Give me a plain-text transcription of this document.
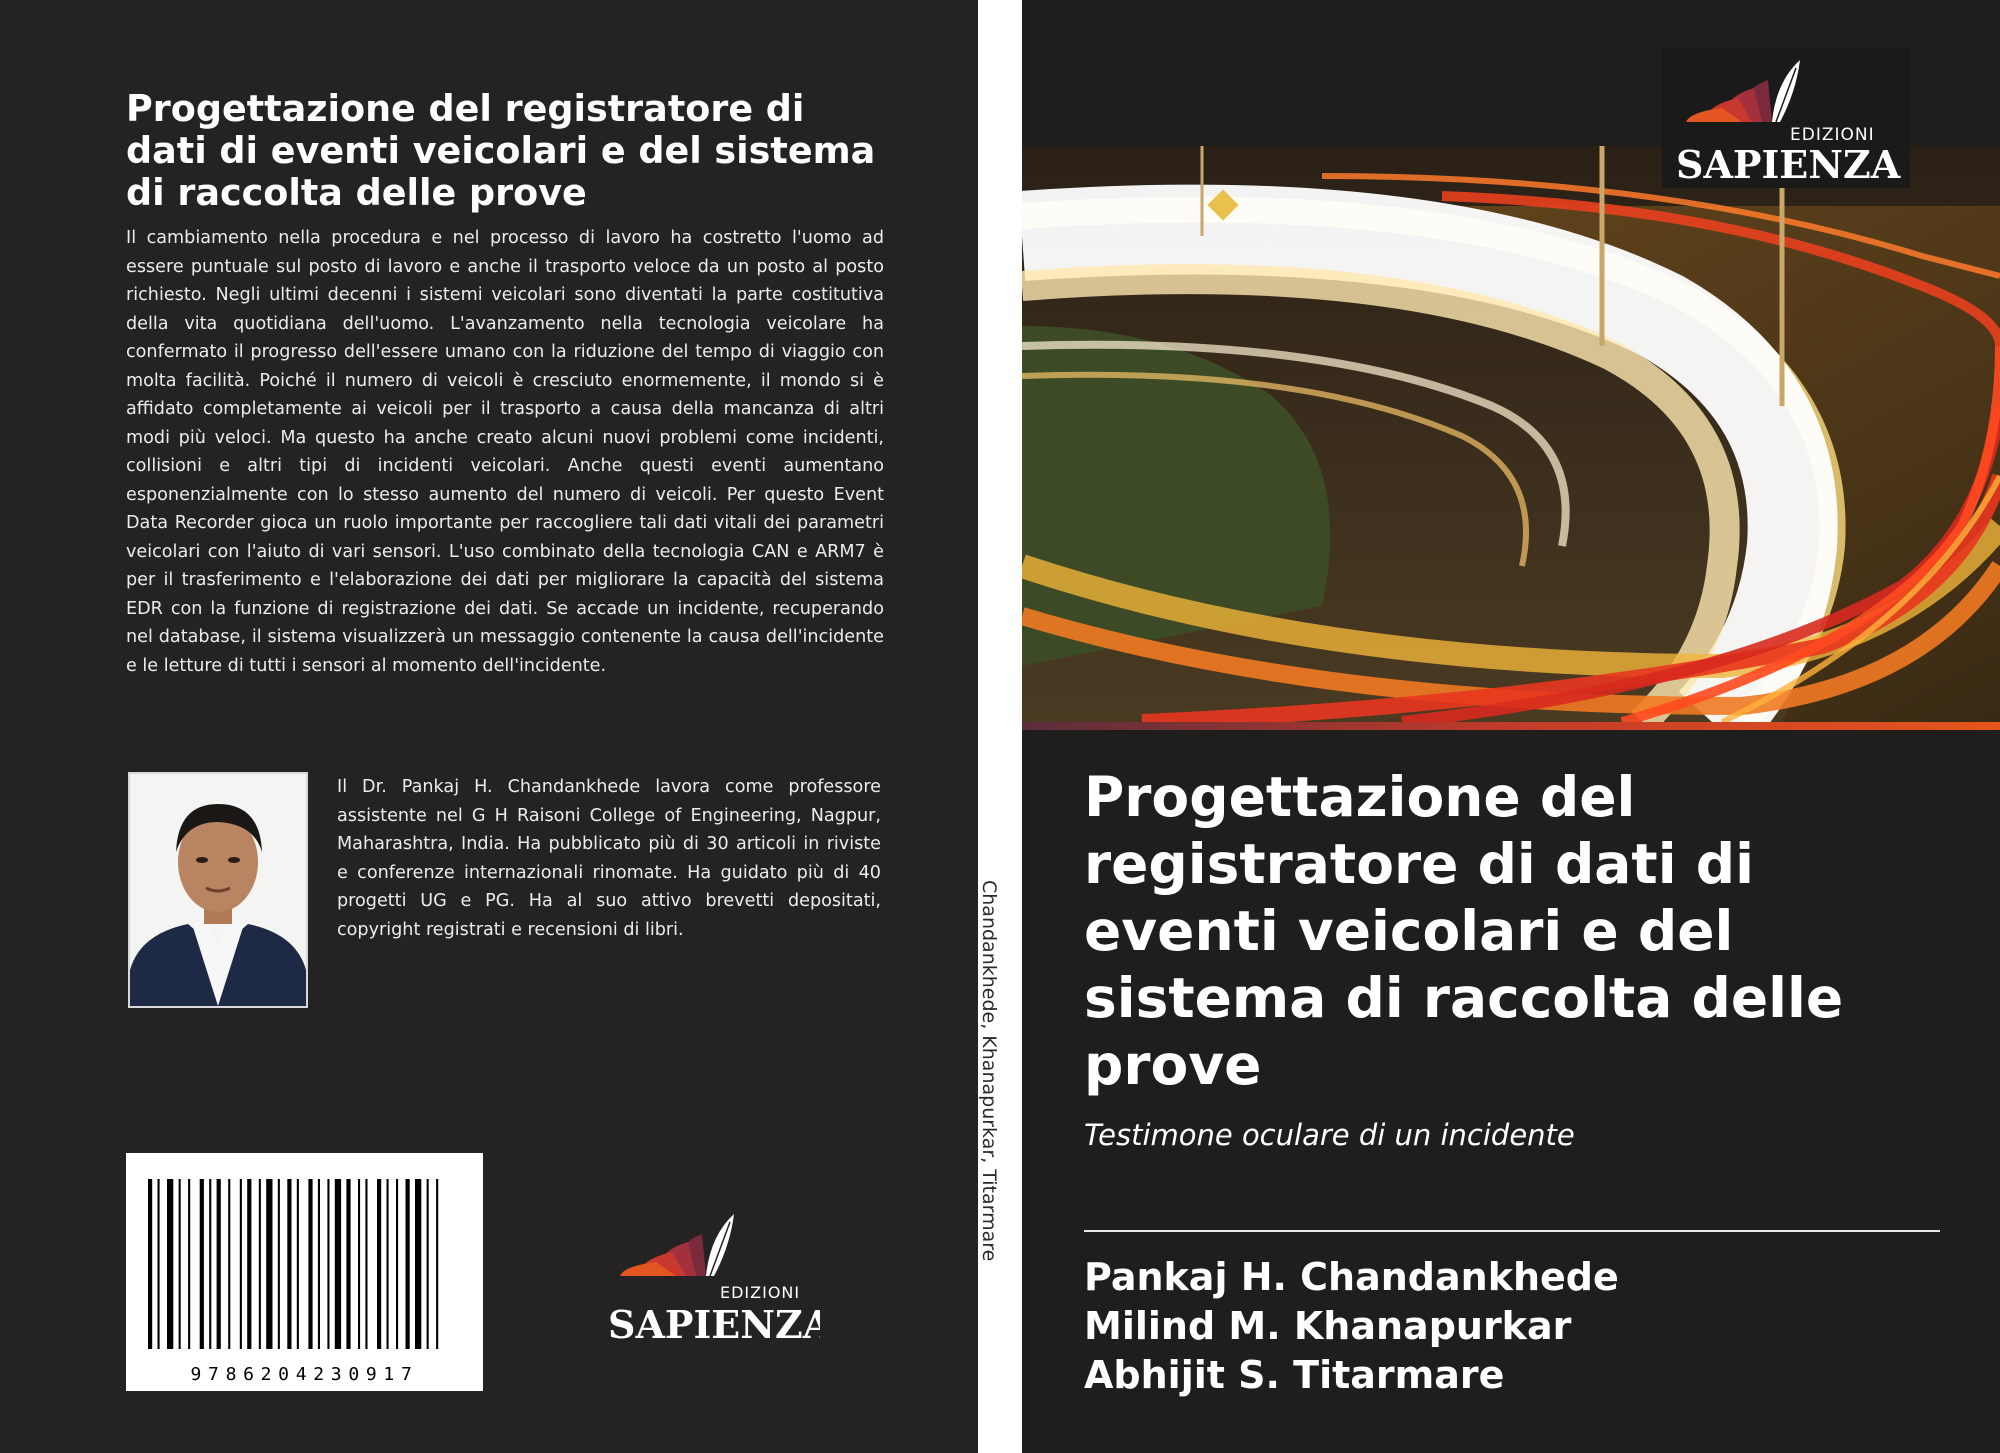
Progettazione del registratore di dati di eventi veicolari e del sistema di raccolta delle prove

Il cambiamento nella procedura e nel processo di lavoro ha costretto l'uomo ad essere puntuale sul posto di lavoro e anche il trasporto veloce da un posto al posto richiesto. Negli ultimi decenni i sistemi veicolari sono diventati la parte costitutiva della vita quotidiana dell'uomo. L'avanzamento nella tecnologia veicolare ha confermato il progresso dell'essere umano con la riduzione del tempo di viaggio con molta facilità. Poiché il numero di veicoli è cresciuto enormemente, il mondo si è affidato completamente ai veicoli per il trasporto a causa della mancanza di altri modi più veloci. Ma questo ha anche creato alcuni nuovi problemi come incidenti, collisioni e altri tipi di incidenti veicolari. Anche questi eventi aumentano esponenzialmente con lo stesso aumento del numero di veicoli. Per questo Event Data Recorder gioca un ruolo importante per raccogliere tali dati vitali dei parametri veicolari con l'aiuto di vari sensori. L'uso combinato della tecnologia CAN e ARM7 è per il trasferimento e l'elaborazione dei dati per migliorare la capacità del sistema EDR con la funzione di registrazione dei dati. Se accade un incidente, recuperando nel database, il sistema visualizzerà un messaggio contenente la causa dell'incidente e le letture di tutti i sensori al momento dell'incidente.

Il Dr. Pankaj H. Chandankhede lavora come professore assistente nel G H Raisoni College of Engineering, Nagpur, Maharashtra, India. Ha pubblicato più di 30 articoli in riviste e conferenze internazionali rinomate. Ha guidato più di 40 progetti UG e PG. Ha al suo attivo brevetti depositati, copyright registrati e recensioni di libri.

9786204230917
EDIZIONI
SAPIENZA
Chandankhede, Khanapurkar, Titarmare
EDIZIONI
SAPIENZA
Progettazione del registratore di dati di eventi veicolari e del sistema di raccolta delle prove

Testimone oculare di un incidente

Pankaj H. Chandankhede
Milind M. Khanapurkar
Abhijit S. Titarmare
